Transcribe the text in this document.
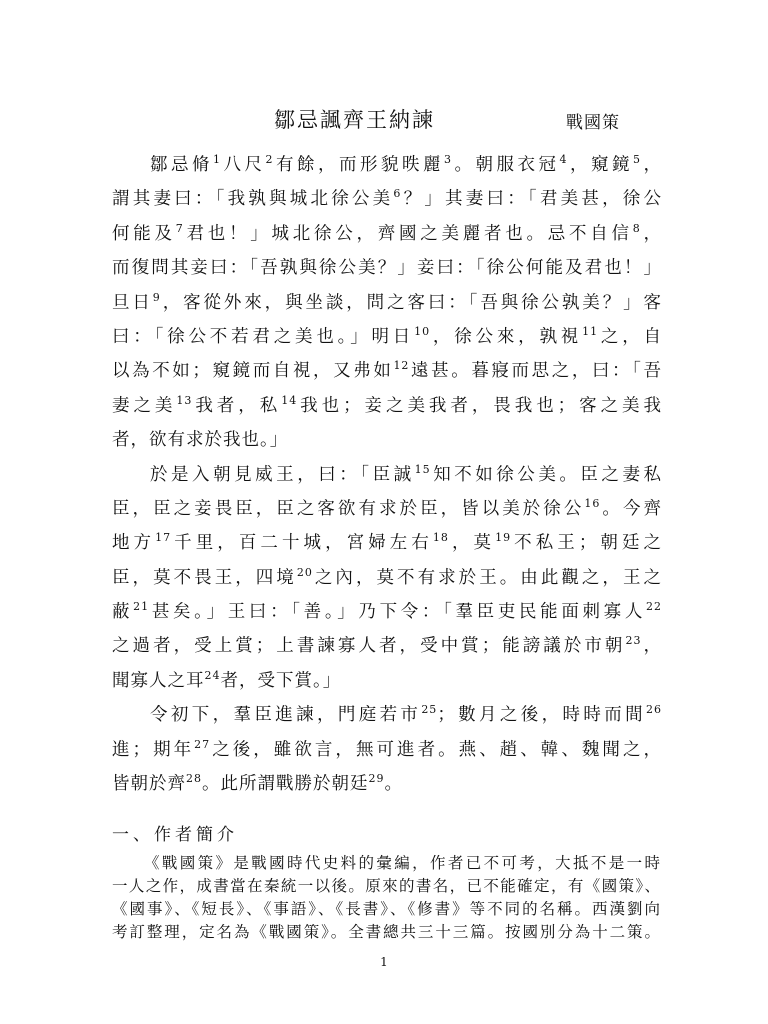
鄒忌諷齊王納諫	戰國策
鄒忌脩$^1$八尺$^2$有餘，而形貌昳麗$^3$。朝服衣冠$^4$，窺鏡$^5$，
謂其妻曰：「我孰與城北徐公美$^6$？」其妻曰：「君美甚，徐公
何能及$^7$君也！」城北徐公，齊國之美麗者也。忌不自信$^8$，
而復問其妾曰：「吾孰與徐公美？」妾曰：「徐公何能及君也！」
旦日$^9$，客從外來，與坐談，問之客曰：「吾與徐公孰美？」客
曰：「徐公不若君之美也。」明日$^{10}$，徐公來，孰視$^{11}$之，自
以為不如；窺鏡而自視，又弗如$^{12}$遠甚。暮寢而思之，曰：「吾
妻之美$^{13}$我者，私$^{14}$我也；妾之美我者，畏我也；客之美我
者，欲有求於我也。」
於是入朝見威王，曰：「臣誠$^{15}$知不如徐公美。臣之妻私
臣，臣之妾畏臣，臣之客欲有求於臣，皆以美於徐公$^{16}$。今齊
地方$^{17}$千里，百二十城，宮婦左右$^{18}$，莫$^{19}$不私王；朝廷之
臣，莫不畏王，四境$^{20}$之內，莫不有求於王。由此觀之，王之
蔽$^{21}$甚矣。」王曰：「善。」乃下令：「羣臣吏民能面刺寡人$^{22}$
之過者，受上賞；上書諫寡人者，受中賞；能謗議於市朝$^{23}$，
聞寡人之耳$^{24}$者，受下賞。」
令初下，羣臣進諫，門庭若市$^{25}$；數月之後，時時而間$^{26}$
進；期年$^{27}$之後，雖欲言，無可進者。燕、趙、韓、魏聞之，
皆朝於齊$^{28}$。此所謂戰勝於朝廷$^{29}$。
一、作者簡介
《戰國策》是戰國時代史料的彙編，作者已不可考，大抵不是一時
一人之作，成書當在秦統一以後。原來的書名，已不能確定，有《國策》、
《國事》、《短長》、《事語》、《長書》、《修書》等不同的名稱。西漢劉向
考訂整理，定名為《戰國策》。全書總共三十三篇。按國別分為十二策。
1
